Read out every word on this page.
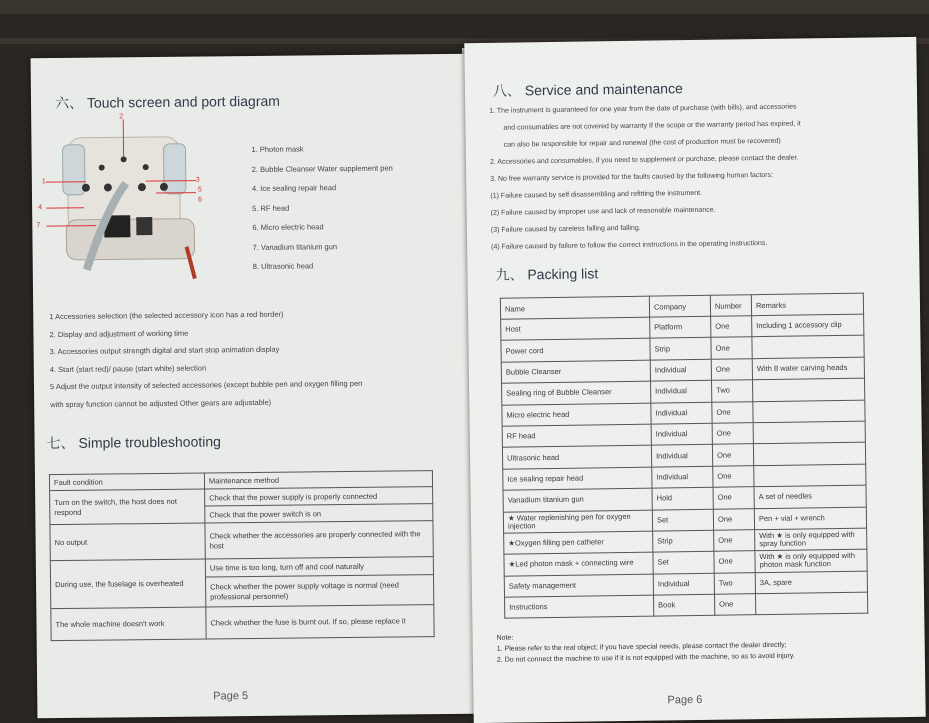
六、 Touch screen and port diagram
2
1
4
3
5
6
7
1. Photon mask
2. Bubble Cleanser Water supplement pen
4. Ice sealing repair head
5. RF head
6. Micro electric head
7. Vanadium titanium gun
8. Ultrasonic head
1 Accessories selection (the selected accessory icon has a red border)
2. Display and adjustment of working time
3. Accessories output strength digital and start stop animation display
4. Start (start red)/ pause (start white) selection
5 Adjust the output intensity of selected accessories (except bubble pen and oxygen filling pen
with spray function cannot be adjusted Other gears are adjustable)
七、 Simple troubleshooting
Fault condition	Maintenance method
Turn on the switch, the host does not respond	Check that the power supply is properly connected
	Check that the power switch is on
No output	Check whether the accessories are properly connected with the host
During use, the fuselage is overheated	Use time is too long, turn off and cool naturally
	Check whether the power supply voltage is normal (need professional personnel)
The whole machine doesn't work	Check whether the fuse is burnt out. If so, please replace it
Page 5
八、 Service and maintenance
1. The instrument is guaranteed for one year from the date of purchase (with bills), and accessories
and consumables are not covered by warranty If the scope or the warranty period has expired, it
can also be responsible for repair and renewal (the cost of production must be recovered)
2. Accessories and consumables, if you need to supplement or purchase, please contact the dealer.
3. No free warranty service is provided for the faults caused by the following human factors:
(1) Failure caused by self disassembling and refitting the instrument.
(2) Failure caused by improper use and lack of reasonable maintenance.
(3) Failure caused by careless falling and falling.
(4) Failure caused by failure to follow the correct instructions in the operating instructions.
九、 Packing list
Name	Company	Number	Remarks
Host	Platform	One	Including 1 accessory clip
Power cord	Strip	One	
Bubble Cleanser	Individual	One	With 8 water carving heads
Sealing ring of Bubble Cleanser	Individual	Two	
Micro electric head	Individual	One	
RF head	Individual	One	
Ultrasonic head	Individual	One	
Ice sealing repair head	Individual	One	
Vanadium titanium gun	Hold	One	A set of needles
★ Water replenishing pen for oxygen injection	Set	One	Pen + vial + wrench
★Oxygen filling pen catheter	Strip	One	With ★ is only equipped with spray function
★Led photon mask + connecting wire	Set	One	With ★ is only equipped with photon mask function
Safety management	Individual	Two	3A, spare
Instructions	Book	One	
Note:
1. Please refer to the real object; if you have special needs, please contact the dealer directly;
2. Do not connect the machine to use if it is not equipped with the machine, so as to avoid injury.
Page 6
